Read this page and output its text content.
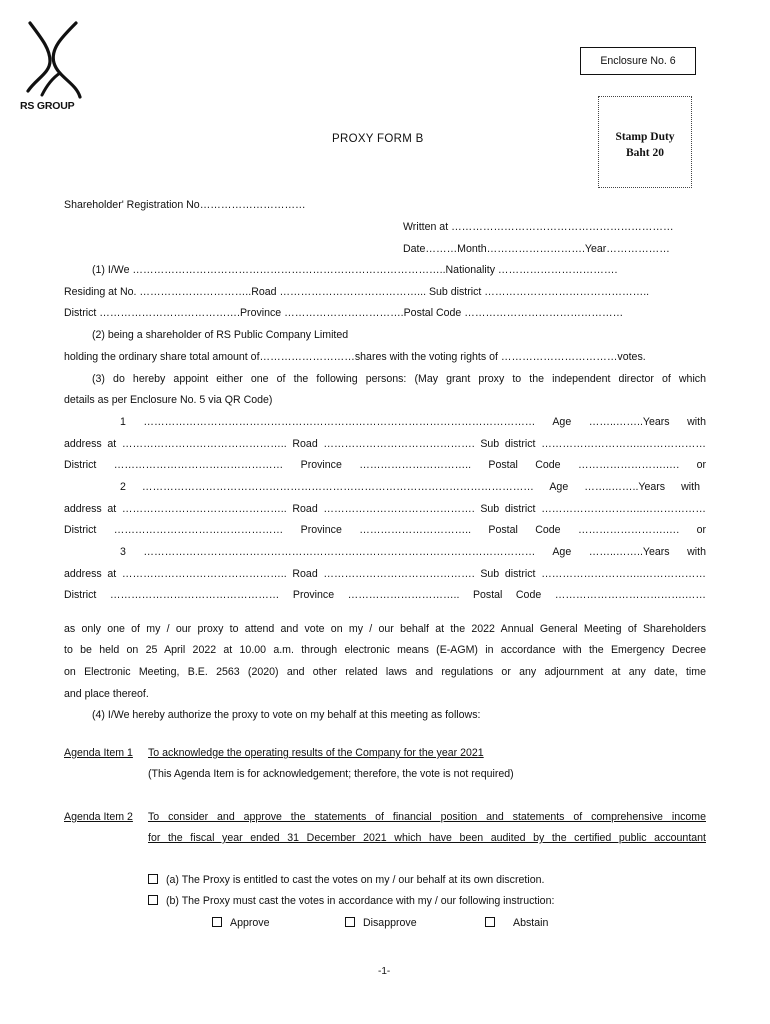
RS GROUP
Enclosure No. 6
Stamp Duty
Baht 20
PROXY FORM B
Shareholder' Registration No…………………………
Written at ………………………………………………………
Date………Month……………………….Year………………
(1) I/We ……………………………………………………………………………..Nationality …………………………….
Residing at No. …………………………..Road …………………………………... Sub district ………………………………………..
District ………………………………….Province …………………………….Postal Code ………………………………………
(2) being a shareholder of RS Public Company Limited
holding the ordinary share total amount of………………………shares with the voting rights of ……………………………votes.
(3) do hereby appoint either one of the following persons: (May grant proxy to the independent director of which
details as per Enclosure No. 5 via QR Code)
1 ………………………………………………………………………………………………… Age ……..……..Years with
address at ……………………………………….. Road ……………………………………. Sub district ………………………..………………
District ………………………………………… Province ………………………….. Postal Code …………………….…. or
2 ………………………………………………………………………………………………… Age ……..……..Years with
address at ……………………………………….. Road ……………………………………. Sub district ………………………..………………
District ………………………………………… Province ………………………….. Postal Code …………………….…. or
3 ………………………………………………………………………………………………… Age ……..……..Years with
address at ……………………………………….. Road ……………………………………. Sub district ………………………..………………
District ………………………………………… Province ………………………….. Postal Code ……………………………….……
as only one of my / our proxy to attend and vote on my / our behalf at the 2022 Annual General Meeting of Shareholders
to be held on 25 April 2022 at 10.00 a.m. through electronic means (E-AGM) in accordance with the Emergency Decree
on Electronic Meeting, B.E. 2563 (2020) and other related laws and regulations or any adjournment at any date, time
and place thereof.
(4) I/We hereby authorize the proxy to vote on my behalf at this meeting as follows:
Agenda Item 1 To acknowledge the operating results of the Company for the year 2021
(This Agenda Item is for acknowledgement; therefore, the vote is not required)
Agenda Item 2 To consider and approve the statements of financial position and statements of comprehensive income
for the fiscal year ended 31 December 2021 which have been audited by the certified public accountant
(a) The Proxy is entitled to cast the votes on my / our behalf at its own discretion.
(b) The Proxy must cast the votes in accordance with my / our following instruction:
Approve	Disapprove	Abstain
-1-
